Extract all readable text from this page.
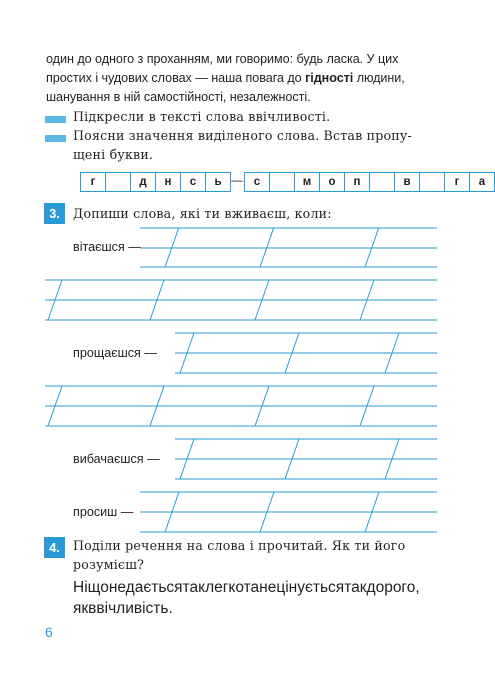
один до одного з проханням, ми говоримо: будь ласка. У цих
простих і чудових словах — наша повага до гідності людини,
шанування в ній самостійності, незалежності.
Підкресли в тексті слова ввічливості.
Поясни значення виділеного слова. Встав пропу-
щені букви.
г	д	н	с	ь — с	м	о	п	в	г	а
3.	Допиши слова, які ти вживаєш, коли:
вітаєшся —
прощаєшся —
вибачаєшся —
просиш —
4.	Поділи речення на слова і прочитай. Як ти його
розумієш?
Ніщонедаєтьсятаклегкотанецінуєтьсятакдорого,
якввічливість.
6
